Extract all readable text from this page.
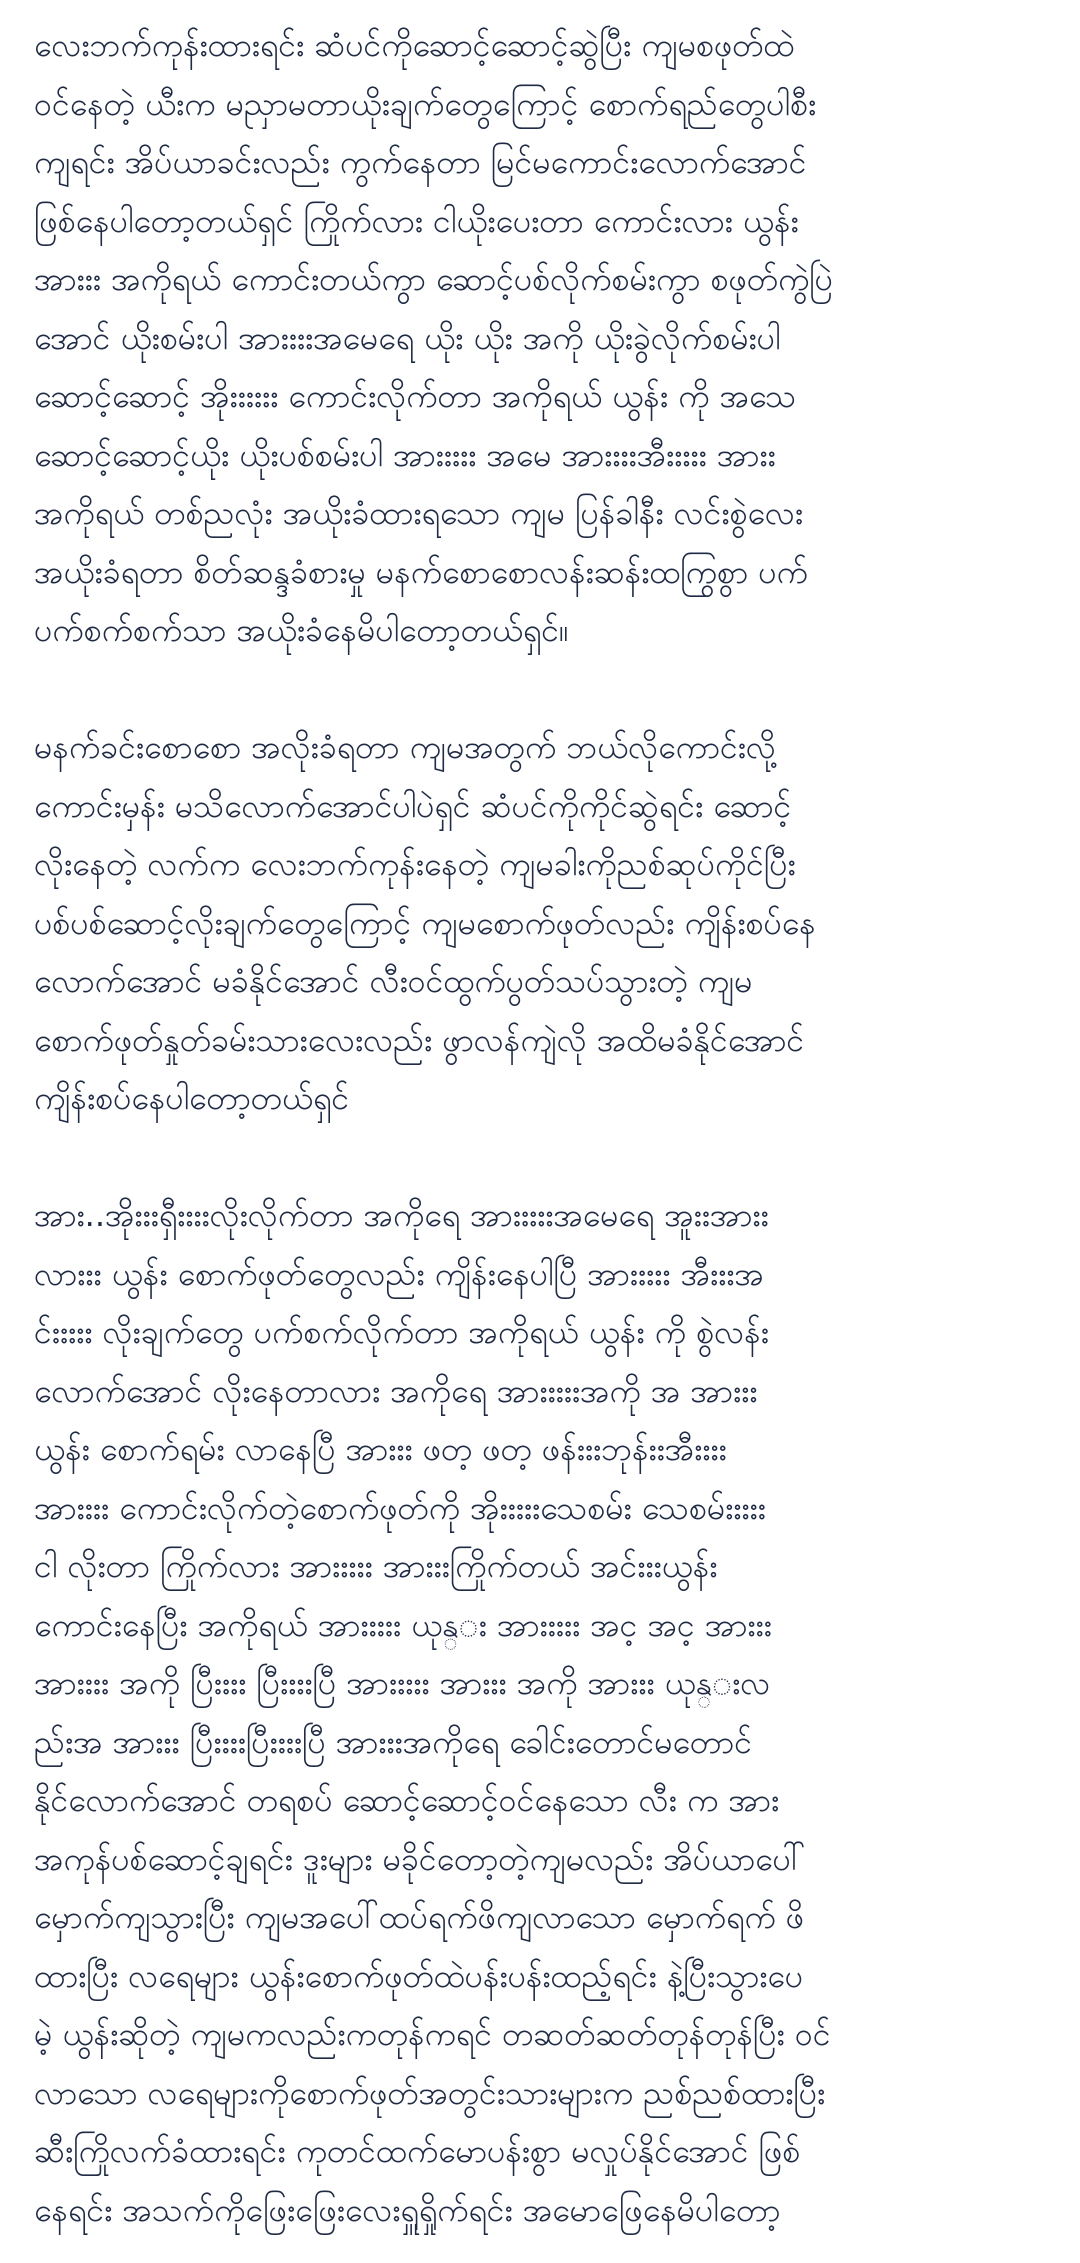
လေးဘက်ကုန်းထားရင်း ဆံပင်ကိုဆောင့်ဆောင့်ဆွဲပြီး ကျမစဖုတ်ထဲ
ဝင်နေတဲ့ ယီးက မညှာမတာယိုးချက်တွေကြောင့် စောက်ရည်တွေပါစီး
ကျရင်း အိပ်ယာခင်းလည်း ကွက်နေတာ မြင်မကောင်းလောက်အောင်
ဖြစ်နေပါတော့တယ်ရှင် ကြိုက်လား ငါယိုးပေးတာ ကောင်းလား ယွန်း
အားးး အကိုရယ် ကောင်းတယ်ကွာ ဆောင့်ပစ်လိုက်စမ်းကွာ စဖုတ်ကွဲပြဲ
အောင် ယိုးစမ်းပါ အားးးးအမေရေ ယိုး ယိုး အကို ယိုးခွဲလိုက်စမ်းပါ
ဆောင့်ဆောင့် အိုးးးးးး ကောင်းလိုက်တာ အကိုရယ် ယွန်း ကို အသေ
ဆောင့်ဆောင့်ယိုး ယိုးပစ်စမ်းပါ အားးးးး အမေ အားးးးအီးးးးး အားး
အကိုရယ် တစ်ညလုံး အယိုးခံထားရသော ကျမ ပြန်ခါနီး လင်းစွဲလေး
အယိုးခံရတာ စိတ်ဆန္ဒခံစားမှု မနက်စောစောလန်းဆန်းထကြွစွာ ပက်
ပက်စက်စက်သာ အယိုးခံနေမိပါတော့တယ်ရှင်။
မနက်ခင်းစောစော အလိုးခံရတာ ကျမအတွက် ဘယ်လိုကောင်းလို့
ကောင်းမှန်း မသိလောက်အောင်ပါပဲရှင် ဆံပင်ကိုကိုင်ဆွဲရင်း ဆောင့်
လိုးနေတဲ့ လက်က လေးဘက်ကုန်းနေတဲ့ ကျမခါးကိုညစ်ဆုပ်ကိုင်ပြီး
ပစ်ပစ်ဆောင့်လိုးချက်တွေကြောင့် ကျမစောက်ဖုတ်လည်း ကျိန်းစပ်နေ
လောက်အောင် မခံနိုင်အောင် လီးဝင်ထွက်ပွတ်သပ်သွားတဲ့ ကျမ
စောက်ဖုတ်နှုတ်ခမ်းသားလေးလည်း ဖွာလန်ကျဲလို အထိမခံနိုင်အောင်
ကျိန်းစပ်နေပါတော့တယ်ရှင်
အား..အိုးးးရှီးးးးလိုးလိုက်တာ အကိုရေ အားးးးးအမေရေ အူးးအားး
လားးး ယွန်း စောက်ဖုတ်တွေလည်း ကျိန်းနေပါပြီ အားးးးး အီးးးအ
င်းးးးး လိုးချက်တွေ ပက်စက်လိုက်တာ အကိုရယ် ယွန်း ကို စွဲလန်း
လောက်အောင် လိုးနေတာလား အကိုရေ အားးးးးအကို အ အားးး
ယွန်း စောက်ရမ်း လာနေပြီ အားးး ဖတ့ ဖတ့ ဖန်းးးဘုန်းးအီးးးး
အားးးး ကောင်းလိုက်တဲ့စောက်ဖုတ်ကို အိုးးးးးသေစမ်း သေစမ်းးးးး
ငါ လိုးတာ ကြိုက်လား အားးးးး အားးးကြိုက်တယ် အင်းးးယွန်း
ကောင်းနေပြီး အကိုရယ် အားးးးး ယုန္း အားးးးး အင့ အင့ အားးး
အားးးး အကို ပြီးးးး ပြီးးးးပြီ အားးးးး အားးး အကို အားးး ယုန္းလ
ည်းအ အားးး ပြီးးးးပြီးးးးပြီ အားးးအကိုရေ ခေါင်းတောင်မတောင်
နိုင်လောက်အောင် တရစပ် ဆောင့်ဆောင့်ဝင်နေသော လီး က အား
အကုန်ပစ်ဆောင့်ချရင်း ဒူးများ မခိုင်တော့တဲ့ကျမလည်း အိပ်ယာပေါ်
မှောက်ကျသွားပြီး ကျမအပေါ်ထပ်ရက်ဖိကျလာသော မှောက်ရက် ဖိ
ထားပြီး လရေများ ယွန်းစောက်ဖုတ်ထဲပန်းပန်းထည့်ရင်း နဲ့ပြီးသွားပေ
မဲ့ ယွန်းဆိုတဲ့ ကျမကလည်းကတုန်ကရင် တဆတ်ဆတ်တုန်တုန်ပြီး ဝင်
လာသော လရေများကိုစောက်ဖုတ်အတွင်းသားများက ညစ်ညစ်ထားပြီး
ဆီးကြိုလက်ခံထားရင်း ကုတင်ထက်မောပန်းစွာ မလှုပ်နိုင်အောင် ဖြစ်
နေရင်း အသက်ကိုဖြေးဖြေးလေးရှူရှိုက်ရင်း အမောဖြေနေမိပါတော့
